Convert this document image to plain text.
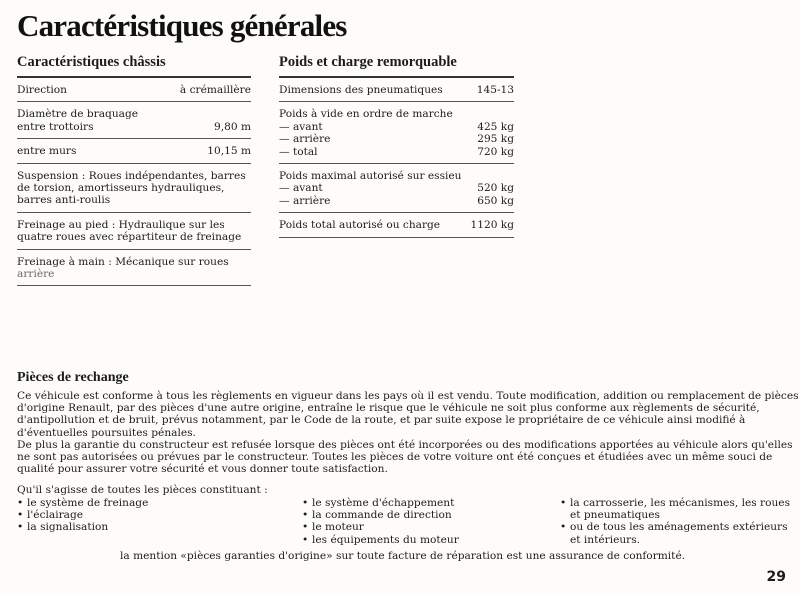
Caractéristiques générales
Caractéristiques châssis
Direction	à crémaillère
Diamètre de braquage
entre trottoirs	9,80 m
entre murs	10,15 m
Suspension : Roues indépendantes, barres
de torsion, amortisseurs hydrauliques,
barres anti-roulis
Freinage au pied : Hydraulique sur les
quatre roues avec répartiteur de freinage
Freinage à main : Mécanique sur roues
arrière
Poids et charge remorquable
Dimensions des pneumatiques	145-13
Poids à vide en ordre de marche
— avant	425 kg
— arrière	295 kg
— total	720 kg
Poids maximal autorisé sur essieu
— avant	520 kg
— arrière	650 kg
Poids total autorisé ou charge	1120 kg
Pièces de rechange

Ce véhicule est conforme à tous les règlements en vigueur dans les pays où il est vendu. Toute modification, addition ou remplacement de pièces

d'origine Renault, par des pièces d'une autre origine, entraîne le risque que le véhicule ne soit plus conforme aux règlements de sécurité,

d'antipollution et de bruit, prévus notamment, par le Code de la route, et par suite expose le propriétaire de ce véhicule ainsi modifié à

d'éventuelles poursuites pénales.

De plus la garantie du constructeur est refusée lorsque des pièces ont été incorporées ou des modifications apportées au véhicule alors qu'elles

ne sont pas autorisées ou prévues par le constructeur. Toutes les pièces de votre voiture ont été conçues et étudiées avec un même souci de

qualité pour assurer votre sécurité et vous donner toute satisfaction.

Qu'il s'agisse de toutes les pièces constituant :
• le système de freinage
• l'éclairage
• la signalisation
• le système d'échappement
• la commande de direction
• le moteur
• les équipements du moteur
• la carrosserie, les mécanismes, les roues
et pneumatiques
• ou de tous les aménagements extérieurs
et intérieurs.
la mention «pièces garanties d'origine» sur toute facture de réparation est une assurance de conformité.
29
